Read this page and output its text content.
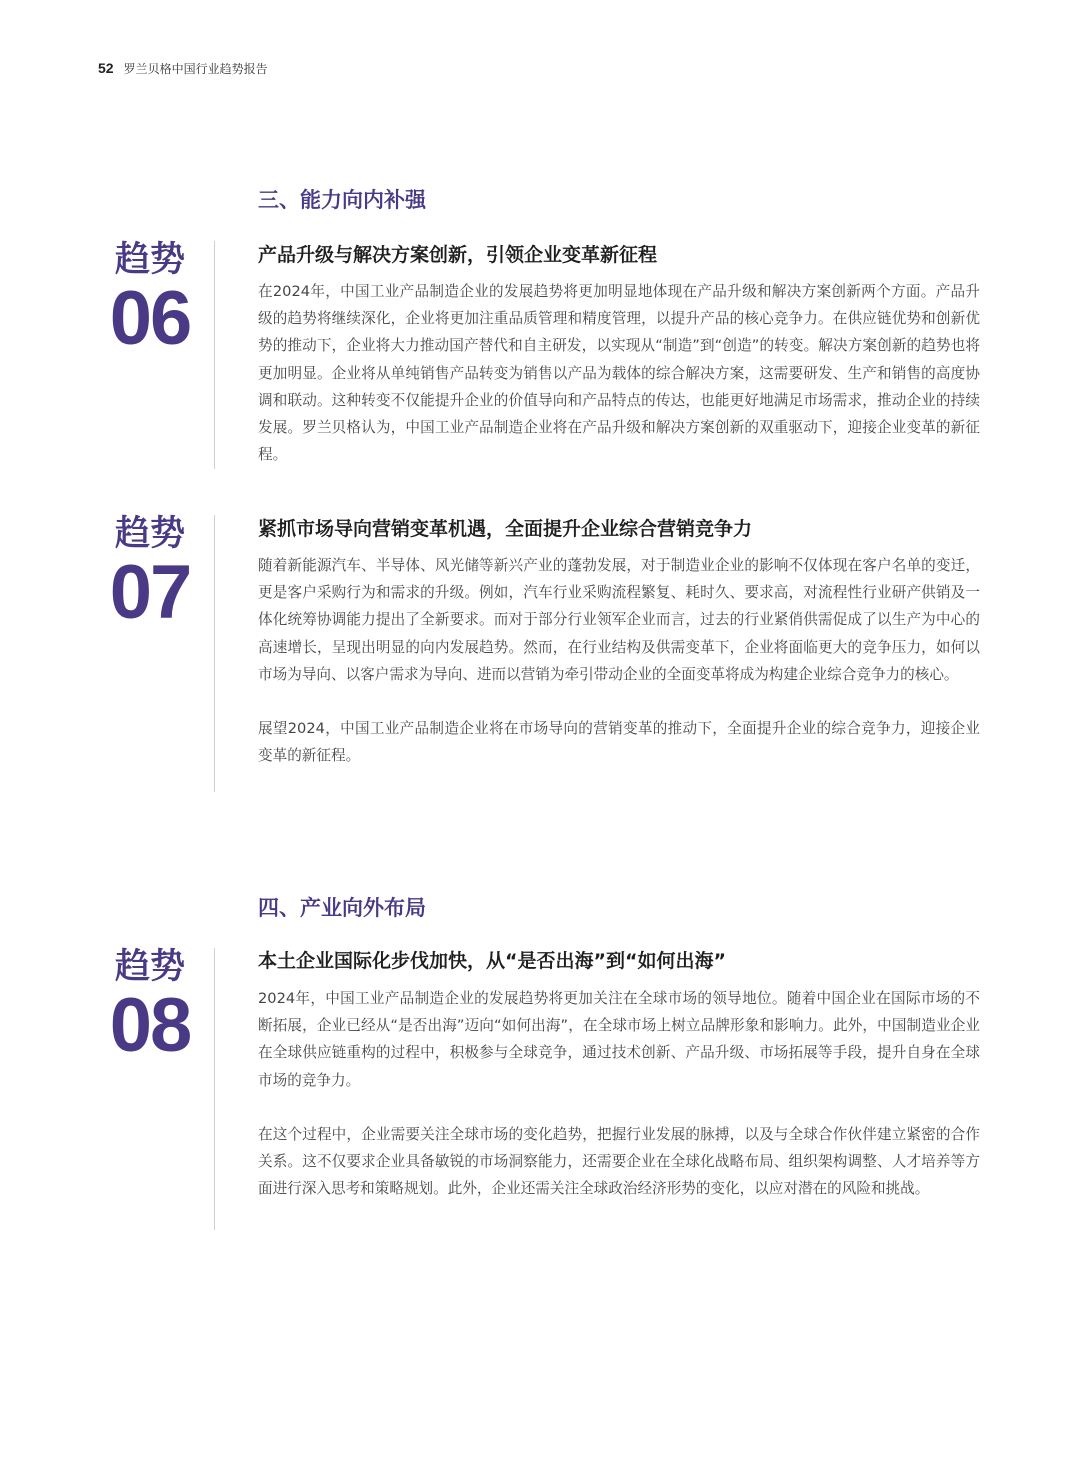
52 罗兰贝格中国行业趋势报告
三、能力向内补强
趋势
06
产品升级与解决方案创新，引领企业变革新征程

在2024年，中国工业产品制造企业的发展趋势将更加明显地体现在产品升级和解决方案创新两个方面。产品升级的趋势将继续深化，企业将更加注重品质管理和精度管理，以提升产品的核心竞争力。在供应链优势和创新优势的推动下，企业将大力推动国产替代和自主研发，以实现从“制造”到“创造”的转变。解决方案创新的趋势也将更加明显。企业将从单纯销售产品转变为销售以产品为载体的综合解决方案，这需要研发、生产和销售的高度协调和联动。这种转变不仅能提升企业的价值导向和产品特点的传达，也能更好地满足市场需求，推动企业的持续发展。罗兰贝格认为，中国工业产品制造企业将在产品升级和解决方案创新的双重驱动下，迎接企业变革的新征程。

趋势
07
紧抓市场导向营销变革机遇，全面提升企业综合营销竞争力

随着新能源汽车、半导体、风光储等新兴产业的蓬勃发展，对于制造业企业的影响不仅体现在客户名单的变迁，更是客户采购行为和需求的升级。例如，汽车行业采购流程繁复、耗时久、要求高，对流程性行业研产供销及一体化统筹协调能力提出了全新要求。而对于部分行业领军企业而言，过去的行业紧俏供需促成了以生产为中心的高速增长，呈现出明显的向内发展趋势。然而，在行业结构及供需变革下，企业将面临更大的竞争压力，如何以市场为导向、以客户需求为导向、进而以营销为牵引带动企业的全面变革将成为构建企业综合竞争力的核心。

展望2024，中国工业产品制造企业将在市场导向的营销变革的推动下，全面提升企业的综合竞争力，迎接企业变革的新征程。

四、产业向外布局
趋势
08
本土企业国际化步伐加快，从“是否出海”到“如何出海”

2024年，中国工业产品制造企业的发展趋势将更加关注在全球市场的领导地位。随着中国企业在国际市场的不断拓展，企业已经从“是否出海”迈向“如何出海”，在全球市场上树立品牌形象和影响力。此外，中国制造业企业在全球供应链重构的过程中，积极参与全球竞争，通过技术创新、产品升级、市场拓展等手段，提升自身在全球市场的竞争力。

在这个过程中，企业需要关注全球市场的变化趋势，把握行业发展的脉搏，以及与全球合作伙伴建立紧密的合作关系。这不仅要求企业具备敏锐的市场洞察能力，还需要企业在全球化战略布局、组织架构调整、人才培养等方面进行深入思考和策略规划。此外，企业还需关注全球政治经济形势的变化，以应对潜在的风险和挑战。
